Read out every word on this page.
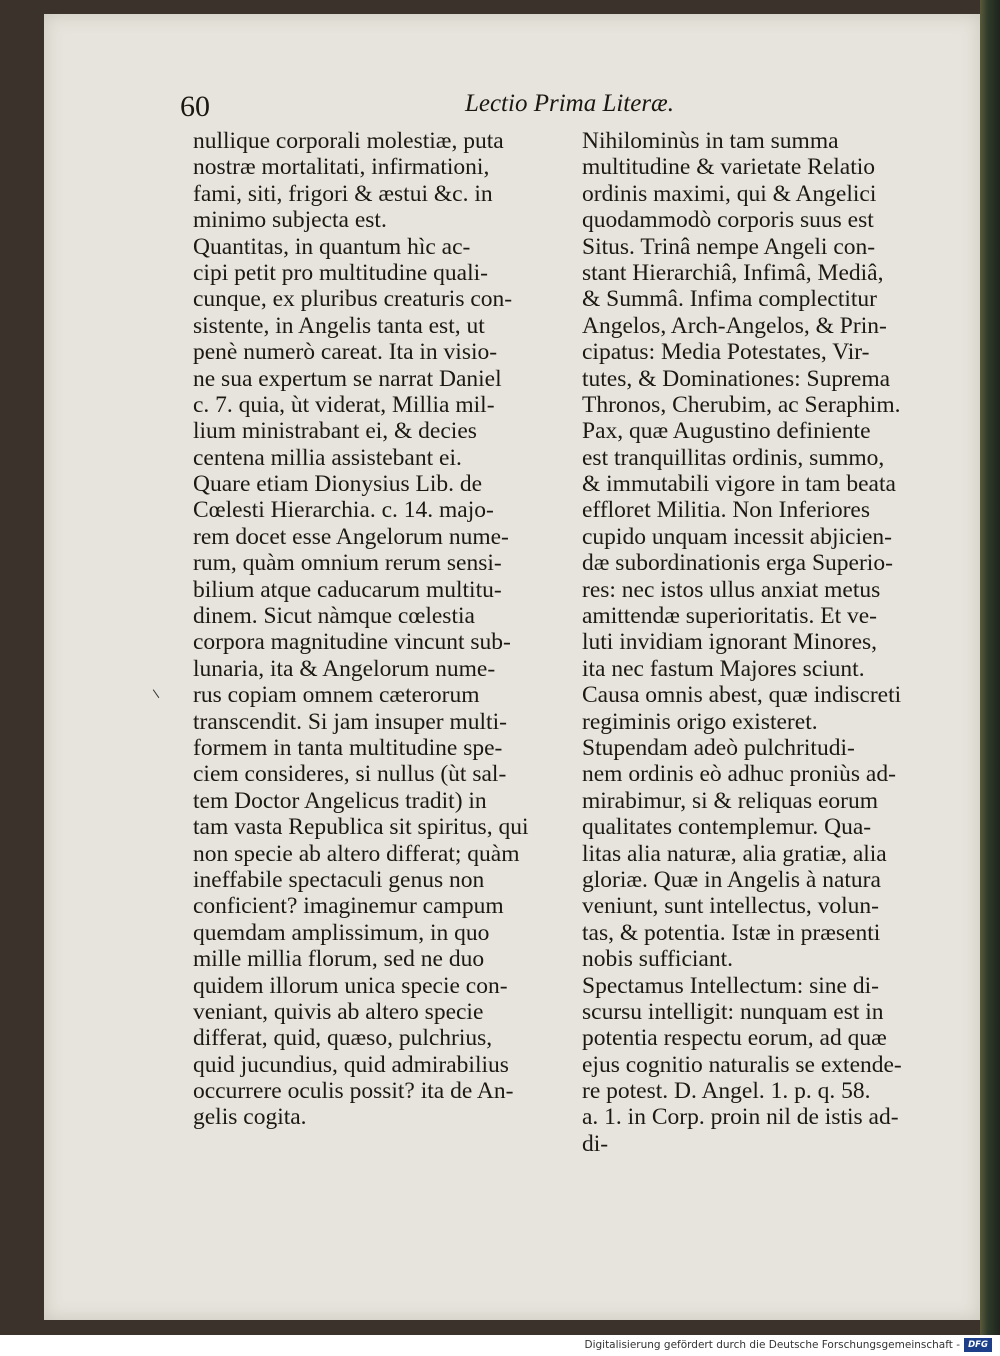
60	Lectio Prima Literæ.
nullique corporali molestiæ, puta
nostræ mortalitati, infirmationi,
fami, siti, frigori & æstui &c. in
minimo subjecta est.
Quantitas, in quantum hìc ac-
cipi petit pro multitudine quali-
cunque, ex pluribus creaturis con-
sistente, in Angelis tanta est, ut
penè numerò careat. Ita in visio-
ne sua expertum se narrat Daniel
c. 7. quia, ùt viderat, Millia mil-
lium ministrabant ei, & decies
centena millia assistebant ei.
Quare etiam Dionysius Lib. de
Cœlesti Hierarchia. c. 14. majo-
rem docet esse Angelorum nume-
rum, quàm omnium rerum sensi-
bilium atque caducarum multitu-
dinem. Sicut nàmque cœlestia
corpora magnitudine vincunt sub-
lunaria, ita & Angelorum nume-
rus copiam omnem cæterorum
transcendit. Si jam insuper multi-
formem in tanta multitudine spe-
ciem consideres, si nullus (ùt sal-
tem Doctor Angelicus tradit) in
tam vasta Republica sit spiritus, qui
non specie ab altero differat; quàm
ineffabile spectaculi genus non
conficient? imaginemur campum
quemdam amplissimum, in quo
mille millia florum, sed ne duo
quidem illorum unica specie con-
veniant, quivis ab altero specie
differat, quid, quæso, pulchrius,
quid jucundius, quid admirabilius
occurrere oculis possit? ita de An-
gelis cogita.
Nihilominùs in tam summa
multitudine & varietate Relatio
ordinis maximi, qui & Angelici
quodammodò corporis suus est
Situs. Trinâ nempe Angeli con-
stant Hierarchiâ, Infimâ, Mediâ,
& Summâ. Infima complectitur
Angelos, Arch-Angelos, & Prin-
cipatus: Media Potestates, Vir-
tutes, & Dominationes: Suprema
Thronos, Cherubim, ac Seraphim.
Pax, quæ Augustino definiente
est tranquillitas ordinis, summo,
& immutabili vigore in tam beata
effloret Militia. Non Inferiores
cupido unquam incessit abjicien-
dæ subordinationis erga Superio-
res: nec istos ullus anxiat metus
amittendæ superioritatis. Et ve-
luti invidiam ignorant Minores,
ita nec fastum Majores sciunt.
Causa omnis abest, quæ indiscreti
regiminis origo existeret.
Stupendam adeò pulchritudi-
nem ordinis eò adhuc proniùs ad-
mirabimur, si & reliquas eorum
qualitates contemplemur. Qua-
litas alia naturæ, alia gratiæ, alia
gloriæ. Quæ in Angelis à natura
veniunt, sunt intellectus, volun-
tas, & potentia. Istæ in præsenti
nobis sufficiant.
Spectamus Intellectum: sine di-
scursu intelligit: nunquam est in
potentia respectu eorum, ad quæ
ejus cognitio naturalis se extende-
re potest. D. Angel. 1. p. q. 58.
a. 1. in Corp. proin nil de istis ad-
di-
Digitalisierung gefördert durch die Deutsche Forschungsgemeinschaft - DFG
